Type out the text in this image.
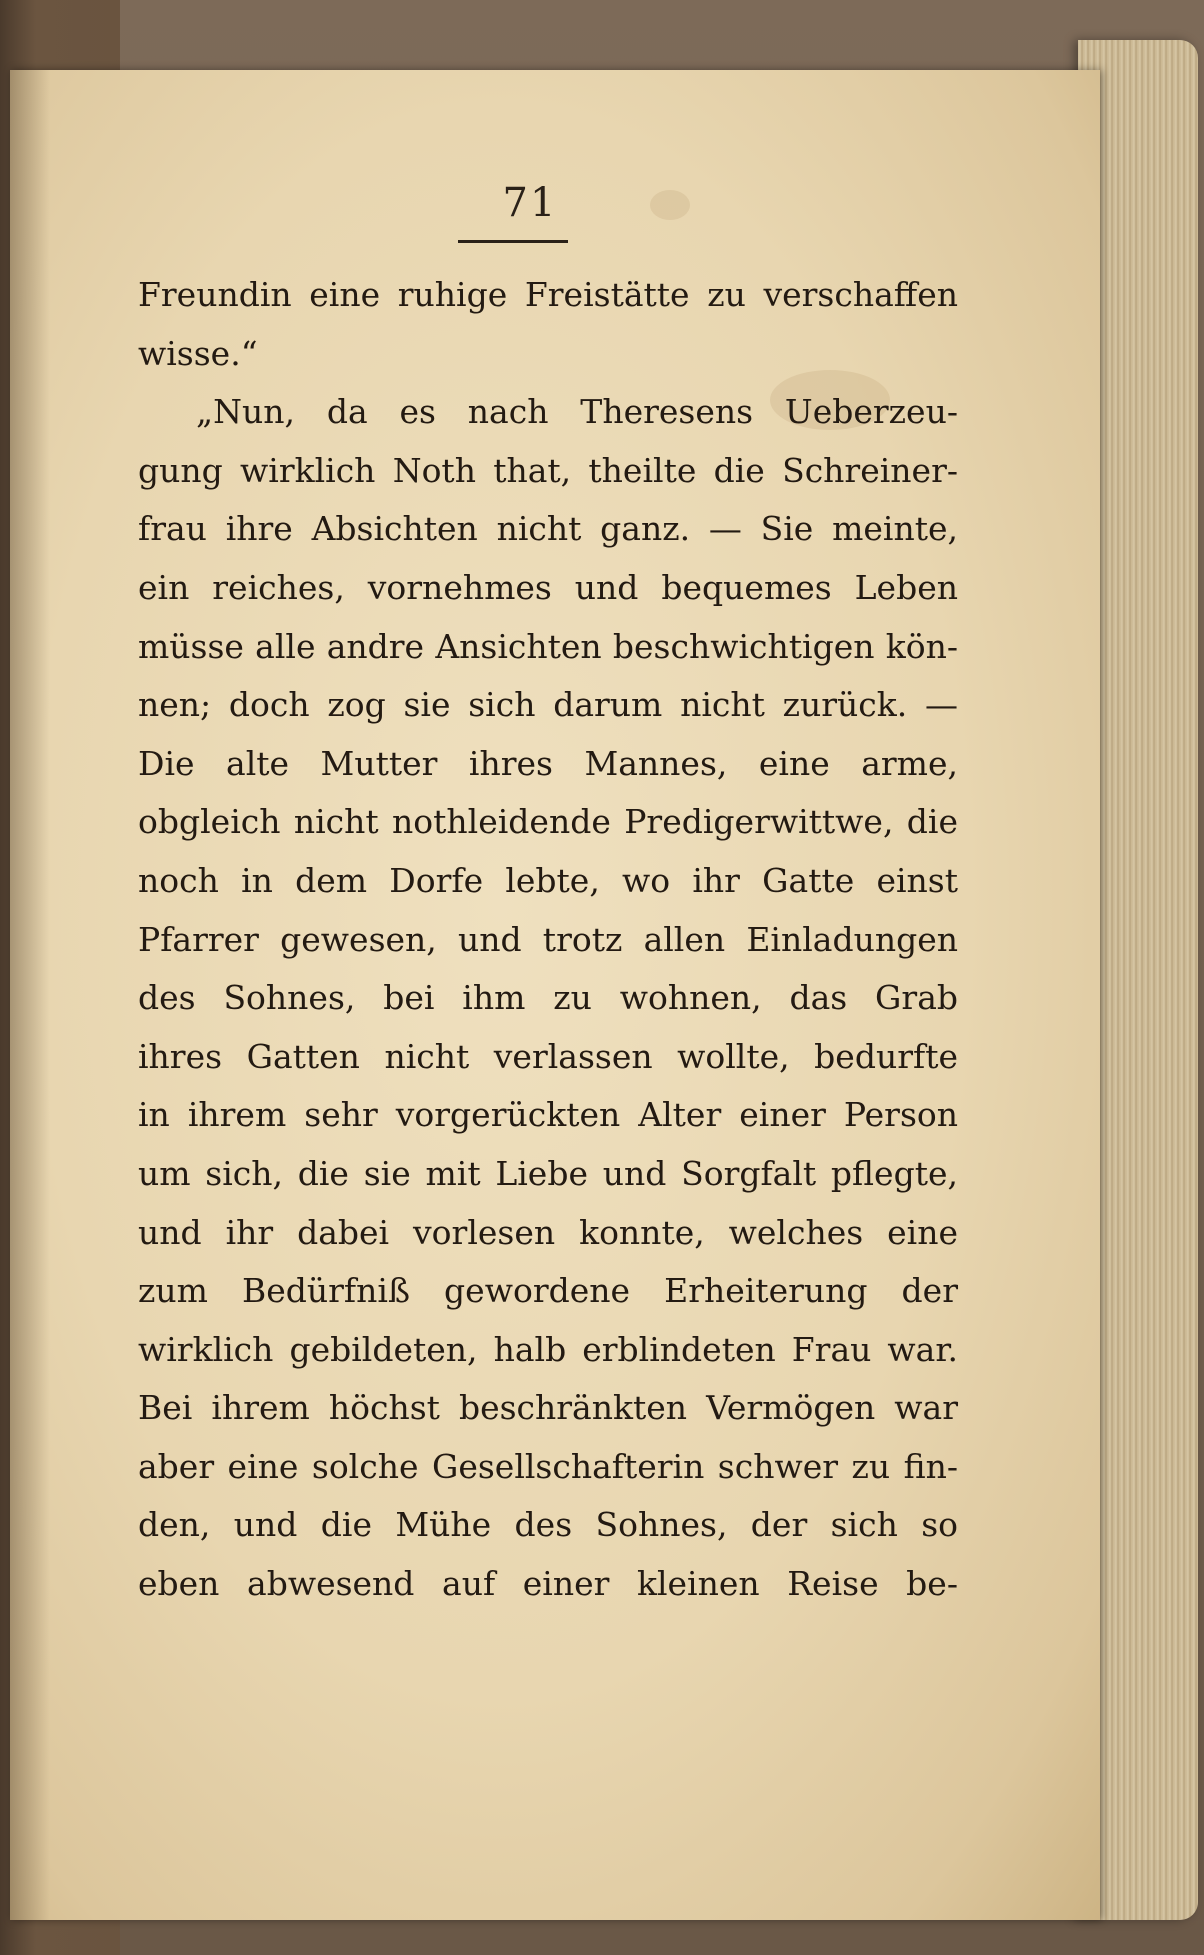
71
Freundin eine ruhige Freistätte zu verschaffen
wisse.“
„Nun, da es nach Theresens Ueberzeu-
gung wirklich Noth that, theilte die Schreiner-
frau ihre Absichten nicht ganz. — Sie meinte,
ein reiches, vornehmes und bequemes Leben
müsse alle andre Ansichten beschwichtigen kön-
nen; doch zog sie sich darum nicht zurück. —
Die alte Mutter ihres Mannes, eine arme,
obgleich nicht nothleidende Predigerwittwe, die
noch in dem Dorfe lebte, wo ihr Gatte einst
Pfarrer gewesen, und trotz allen Einladungen
des Sohnes, bei ihm zu wohnen, das Grab
ihres Gatten nicht verlassen wollte, bedurfte
in ihrem sehr vorgerückten Alter einer Person
um sich, die sie mit Liebe und Sorgfalt pflegte,
und ihr dabei vorlesen konnte, welches eine
zum Bedürfniß gewordene Erheiterung der
wirklich gebildeten, halb erblindeten Frau war.
Bei ihrem höchst beschränkten Vermögen war
aber eine solche Gesellschafterin schwer zu fin-
den, und die Mühe des Sohnes, der sich so
eben abwesend auf einer kleinen Reise be-
